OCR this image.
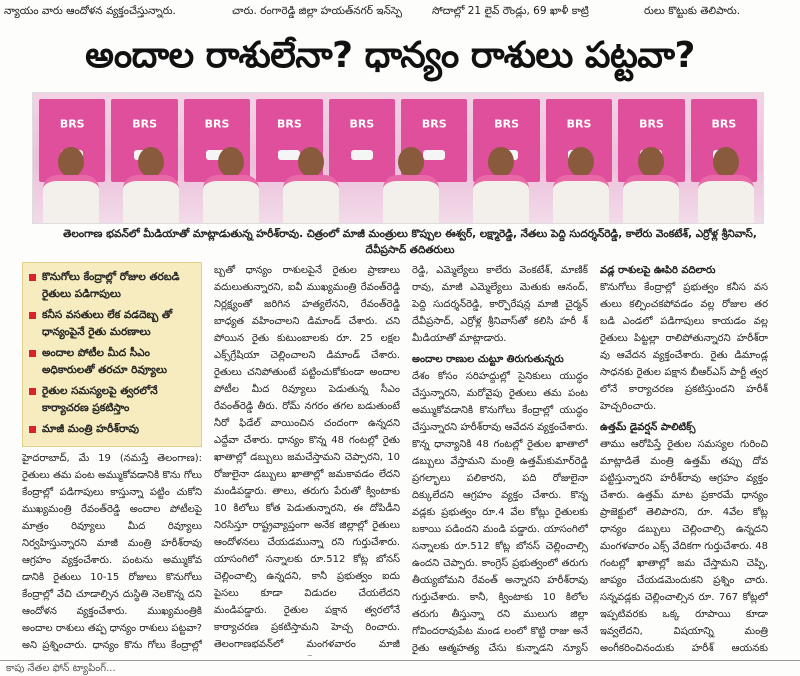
న్యాయం వారు ఆందోళన వ్యక్తంచేస్తున్నారు.	చారు. రంగారెడ్డి జిల్లా హయత్‌నగర్ ఇన్‌స్పె	సోదాల్లో 21 లైవ్ రౌండ్లు, 69 ఖాళీ కాట్రి	రులు కొట్టుకు తెలిపారు.
అందాల రాశులేనా? ధాన్యం రాశులు పట్టవా?
BRS	BRS	BRS	BRS	BRS	BRS	BRS	BRS	BRS	BRS
తెలంగాణ భవన్‌లో మీడియాతో మాట్లాడుతున్న హరీశ్‌రావు. చిత్రంలో మాజీ మంత్రులు కొప్పుల ఈశ్వర్, లక్ష్మారెడ్డి, నేతలు పెద్ది సుదర్శన్‌రెడ్డి, కాలేరు వెంకటేశ్, ఎర్రోళ్ల శ్రీనివాస్, దేవీప్రసాద్ తదితరులు
కొనుగోలు కేంద్రాల్లో రోజుల తరబడి రైతులు పడిగాపులు
కనీస వసతులు లేక వడదెబ్బ తో ధాన్యంపైనే రైతు మరణాలు
అందాల పోటీల మీద సీఎం అధికారులతో తరచూ రివ్యూలు
రైతుల సమస్యలపై త్వరలోనే కార్యాచరణ ప్రకటిస్తాం
మాజీ మంత్రి హరీశ్‌రావు
హైదరాబాద్, మే 19 (నమస్తే తెలంగాణ): రైతులు తమ పంట అమ్ముకోవడానికి కొను గోలు కేంద్రాల్లో పడిగాపులు కాస్తున్నా పట్టిం చుకోని ముఖ్యమంత్రి రేవంత్‌రెడ్డి అందాల పోటీలపై మాత్రం రివ్యూలు మీద రివ్యూలు నిర్వహిస్తున్నారని మాజీ మంత్రి హరీశ్‌రావు ఆగ్రహం వ్యక్తంచేశారు. పంటను అమ్ముకోవ డానికి రైతులు 10-15 రోజులు కొనుగోలు కేంద్రాల్లో వేచి చూడాల్సిన దుస్థితి నెలకొన్న దని ఆందోళన వ్యక్తంచేశారు. ముఖ్యమంత్రికి అందాల రాశులు తప్ప ధాన్యం రాశులు పట్టవా? అని ప్రశ్నించారు. ధాన్యం కొను గోలు కేంద్రాల్లో
బ్బతో ధాన్యం రాశులపైనే రైతుల ప్రాణాలు వదులుతున్నారని, ఐవీ ముఖ్యమంత్రి రేవంత్‌రెడ్డి నిర్లక్ష్యంతో జరిగిన హత్యలేనని, రేవంత్‌రెడ్డి బాధ్యత వహించాలని డిమాండ్ చేశారు. చని పోయిన రైతు కుటుంబాలకు రూ. 25 లక్షల ఎక్స్‌గ్రేషియా చెల్లించాలని డిమాండ్ చేశారు. రైతులు చనిపోతుంటే పట్టించుకోకుండా అందాల పోటీల మీద రివ్యూలు పెడుతున్న సీఎం రేవంత్‌రెడ్డి తీరు. రోమ్ నగరం తగల బడుతుంటే నీరో ఫిడేల్ వాయించిన చందంగా ఉన్నదని ఎద్దేవా చేశారు. ధాన్యం కొన్న 48 గంటల్లో రైతు ఖాతాల్లో డబ్బులు జమచేస్తామని చెప్పారని, 10 రోజులైనా డబ్బులు ఖాతాల్లో జమకావడం లేదని మండిపడ్డారు. తాలు, తరుగు పేరుతో క్వింటాకు 10 కిలోలు కోత పెడుతున్నారని, ఈ దోపిడీని నిరసిస్తూ రాష్ట్రవ్యాప్తంగా అనేక జిల్లాల్లో రైతులు ఆందోళనలు చేయడమున్నా రని గుర్తుచేశారు. యాసంగిలో సన్నాలకు రూ.512 కోట్ల బోనస్ చెల్లించాల్సి ఉన్నదని, కానీ ప్రభుత్వం ఐదు పైసలు కూడా విడుదల చేయలేదని మండిపడ్డారు. రైతుల పక్షాన త్వరలోనే కార్యాచరణ ప్రకటిస్తామని హెచ్చ రించారు. తెలంగాణభవన్‌లో మంగళవారం మాజీ
రెడ్డి, ఎమ్మెల్యేలు కాలేరు వెంకటేశ్, మాణిక్ రావు, మాజీ ఎమ్మెల్యేలు మెతుకు ఆనంద్, పెద్ది సుదర్శన్‌రెడ్డి, కార్పొరేషన్ల మాజీ చైర్మన్ దేవీప్రసాద్, ఎర్రోళ్ల శ్రీనివాస్‌తో కలిసి హరీ శ్ మీడియాతో మాట్లాడారు.
అందాల రాణుల చుట్టూ తిరుగుతున్నరు
దేశం కోసం సరిహద్దుల్లో సైనికులు యుద్ధం చేస్తున్నారని, మరోవైపు రైతులు తమ పంట అమ్ముకోవడానికి కొనుగోలు కేంద్రాల్లో యుద్ధం చేస్తున్నారని హరీశ్‌రావు ఆవేదన వ్యక్తంచేశారు. కొన్న ధాన్యానికి 48 గంటల్లో రైతుల ఖాతాలో డబ్బులు వేస్తామని మంత్రి ఉత్తమ్‌కుమార్‌రెడ్డి ప్రగల్భాలు పలికారని, పది రోజులైనా దిక్కులేదని ఆగ్రహం వ్యక్తం చేశారు. కొన్న వడ్లకు ప్రభుత్వం రూ.4 వేల కోట్లు రైతులకు బకాయి పడిందని మండి పడ్డారు. యాసంగిలో సన్నాలకు రూ.512 కోట్ల బోనస్ చెల్లించాల్సి ఉందని చెప్పారు. కాంగ్రెస్ ప్రభుత్వంలో తరుగు తీయ్యబోమని రేవంత్ అన్నారని హరీశ్‌రావు గుర్తుచేశారు. కానీ, క్వింటాకు 10 కిలోల తరుగు తీస్తున్నా రని ములుగు జిల్లా గోవిందరావుపేట మండ లంలో కొట్టి రాజు అనే రైతు ఆత్మహత్య చేసు కున్నాడని న్యూస్
వడ్ల రాశులపై ఊపిరి వదిలారు
కొనుగోలు కేంద్రాల్లో ప్రభుత్వం కనీస వస తులు కల్పించకపోవడం వల్ల రోజుల తర బడి ఎండలో పడిగాపులు కాయడం వల్ల రైతులు పిట్టల్లా రాలిపోతున్నారని హరీశ్‌రా వు ఆవేదన వ్యక్తంచేశారు. రైతు డిమాండ్ల సాధనకు రైతుల పక్షాన బీఆర్‌ఎస్ పార్టీ త్వర లోనే కార్యాచరణ ప్రకటిస్తుందని హరీశ్ హెచ్చరించారు.
ఉత్తమ్ డైవర్షన్ పాలిటిక్స్
తాము ఆరోపిస్తే రైతుల సమస్యల గురించి మాట్లాడితే మంత్రి ఉత్తమ్ తప్పు దోవ పట్టిస్తున్నారని హరీశ్‌రావు ఆగ్రహం వ్యక్తం చేశారు. ఉత్తమ్ మాట ప్రకారమే ధాన్యం ప్రాజెక్టులో తెలిపారని, రూ. 4వేల కోట్ల ధాన్యం డబ్బులు చెల్లించాల్సి ఉన్నదని మంగళవారం ఎక్స్ వేదికగా గుర్తుచేశారు. 48 గంటల్లో ఖాతాల్లో జమ చేస్తామని చెప్పి, జాప్యం చేయడమెందుకని ప్రశ్నిం చారు. సన్నవడ్లకు చెల్లించాల్సిన రూ. 767 కోట్లలో ఇప్పటివరకు ఒక్క రూపాయి కూడా ఇవ్వలేదని, విషయాన్ని మంత్రి అంగీకరించినందుకు హరీశ్ ఆయనకు
కాపు నేతల ఫోన్ ట్యాపింగ్...
